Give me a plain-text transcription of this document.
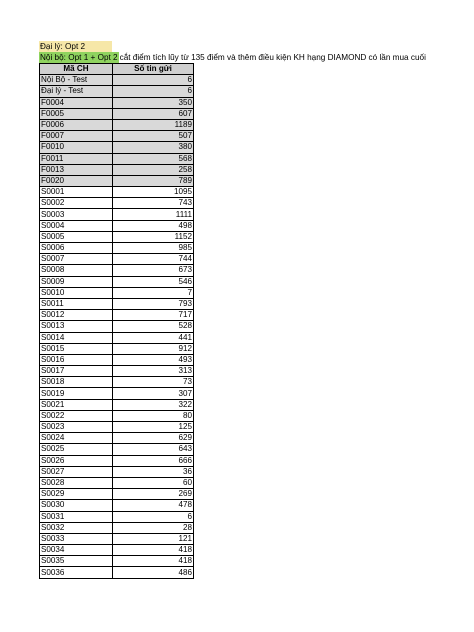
Đại lý: Opt 2
Nội bộ: Opt 1 + Opt 2 cắt điểm tích lũy từ 135 điểm và thêm điều kiện KH hạng DIAMOND có lần mua cuối
Mã CH	Số tin gửi
Nội Bộ - Test	6
Đại lý - Test	6
F0004	350
F0005	607
F0006	1189
F0007	507
F0010	380
F0011	568
F0013	258
F0020	789
S0001	1095
S0002	743
S0003	1111
S0004	498
S0005	1152
S0006	985
S0007	744
S0008	673
S0009	546
S0010	7
S0011	793
S0012	717
S0013	528
S0014	441
S0015	912
S0016	493
S0017	313
S0018	73
S0019	307
S0021	322
S0022	80
S0023	125
S0024	629
S0025	643
S0026	666
S0027	36
S0028	60
S0029	269
S0030	478
S0031	6
S0032	28
S0033	121
S0034	418
S0035	418
S0036	486
